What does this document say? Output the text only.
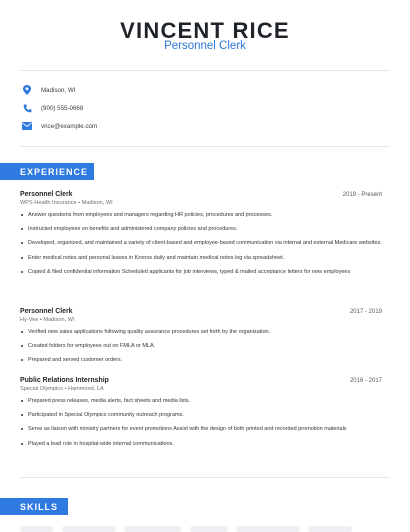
VINCENT RICE
Personnel Clerk
Madison, WI
(900) 555-0668
vrice@example.com
EXPERIENCE
Personnel Clerk	2019 - Present
WPS Health Insurance • Madison, WI
Answer questions from employees and managers regarding HR policies, procedures and processes.
Instructed employees on benefits and administered company policies and procedures.
Developed, organized, and maintained a variety of client-based and employee-based communication via internal and external Medicare websites.
Enter medical notes and personal leaves in Kronos daily and maintain medical notes log via spreadsheet.
Copied & filed confidential information Scheduled applicants for job interviews, typed & mailed acceptance letters for new employees
Personnel Clerk	2017 - 2019
Hy-Vee • Madison, WI
Verified new sales applications following quality assurance procedures set forth by the organization.
Created folders for employees out on FMLA or MLA.
Prepared and served customer orders.
Public Relations Internship	2016 - 2017
Special Olympics • Hammond, LA
Prepared press releases, media alerts, fact sheets and media lists.
Participated in Special Olympics community outreach programs.
Serve as liaison with ministry partners for event promotions Assist with the design of both printed and recorded promotion materials
Played a lead role in hospital-wide internal communications.
SKILLS
